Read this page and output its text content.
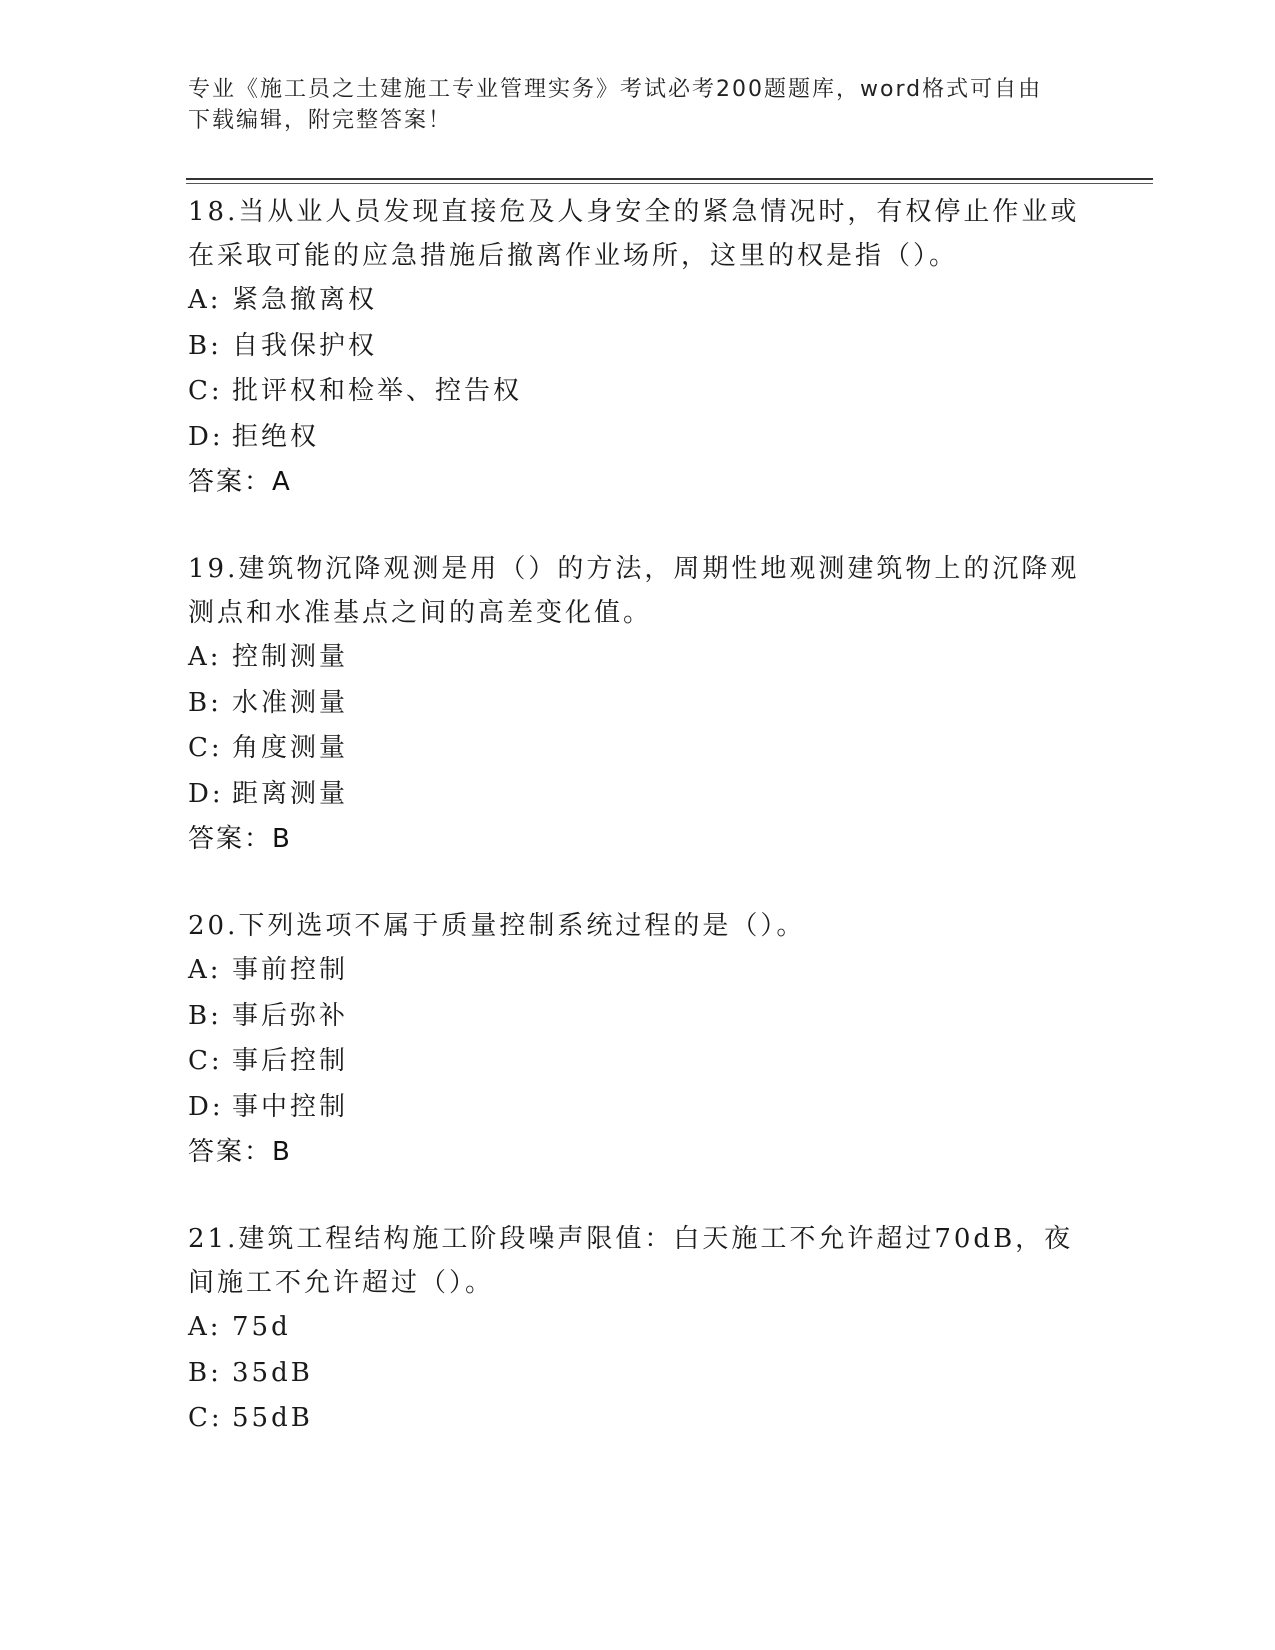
专业《施工员之土建施工专业管理实务》考试必考200题题库，word格式可自由
下载编辑，附完整答案！

18.当从业人员发现直接危及人身安全的紧急情况时，有权停止作业或在采取可能的应急措施后撤离作业场所，这里的权是指（）。

A: 紧急撤离权
B: 自我保护权
C: 批评权和检举、控告权
D: 拒绝权
答案：A

19.建筑物沉降观测是用（）的方法，周期性地观测建筑物上的沉降观测点和水准基点之间的高差变化值。

A: 控制测量
B: 水准测量
C: 角度测量
D: 距离测量
答案：B

20.下列选项不属于质量控制系统过程的是（）。

A: 事前控制
B: 事后弥补
C: 事后控制
D: 事中控制
答案：B

21.建筑工程结构施工阶段噪声限值：白天施工不允许超过70dB，夜间施工不允许超过（）。

A: 75d
B: 35dB
C: 55dB
